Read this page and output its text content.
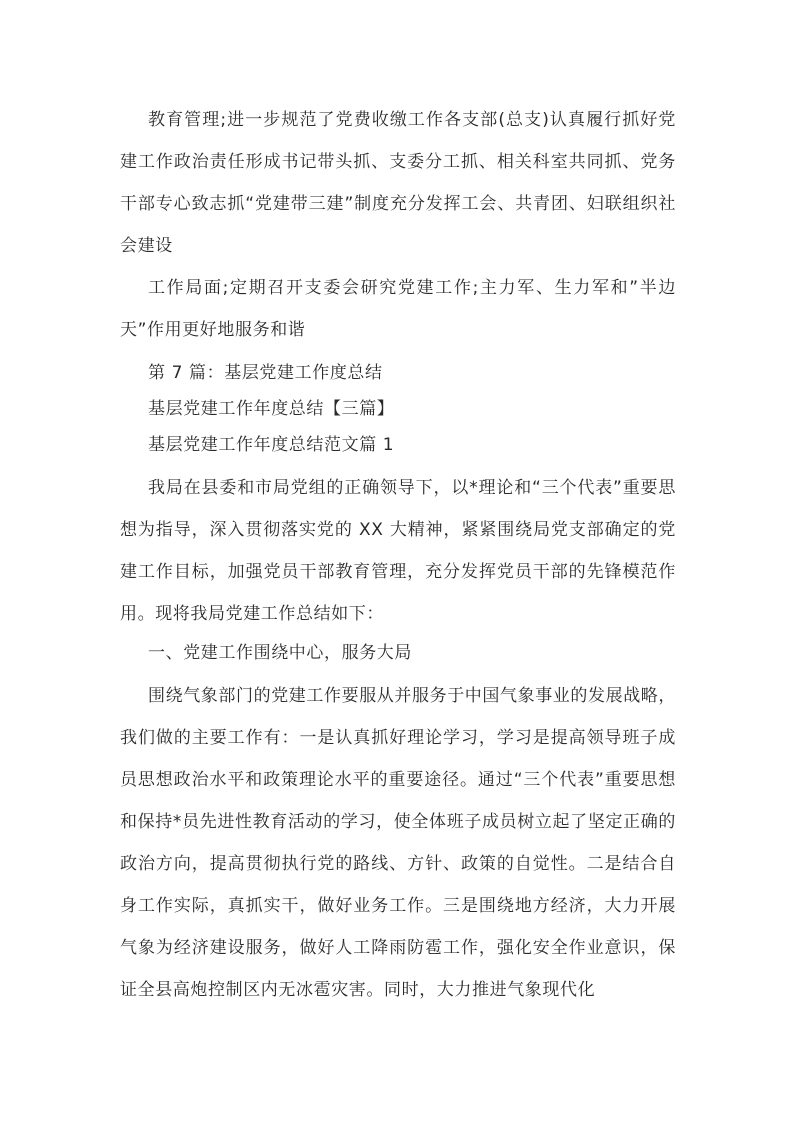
教育管理;进一步规范了党费收缴工作各支部(总支)认真履行抓好党建工作政治责任形成书记带头抓、支委分工抓、相关科室共同抓、党务干部专心致志抓“党建带三建”制度充分发挥工会、共青团、妇联组织社会建设

工作局面;定期召开支委会研究党建工作;主力军、生力军和”半边天”作用更好地服务和谐

第 7 篇：基层党建工作度总结

基层党建工作年度总结【三篇】

基层党建工作年度总结范文篇 1

我局在县委和市局党组的正确领导下，以*理论和“三个代表”重要思想为指导，深入贯彻落实党的 XX 大精神，紧紧围绕局党支部确定的党建工作目标，加强党员干部教育管理，充分发挥党员干部的先锋模范作用。现将我局党建工作总结如下：

一、党建工作围绕中心，服务大局

围绕气象部门的党建工作要服从并服务于中国气象事业的发展战略，我们做的主要工作有：一是认真抓好理论学习，学习是提高领导班子成员思想政治水平和政策理论水平的重要途径。通过“三个代表”重要思想和保持*员先进性教育活动的学习，使全体班子成员树立起了坚定正确的政治方向，提高贯彻执行党的路线、方针、政策的自觉性。二是结合自身工作实际，真抓实干，做好业务工作。三是围绕地方经济，大力开展气象为经济建设服务，做好人工降雨防雹工作，强化安全作业意识，保证全县高炮控制区内无冰雹灾害。同时，大力推进气象现代化
